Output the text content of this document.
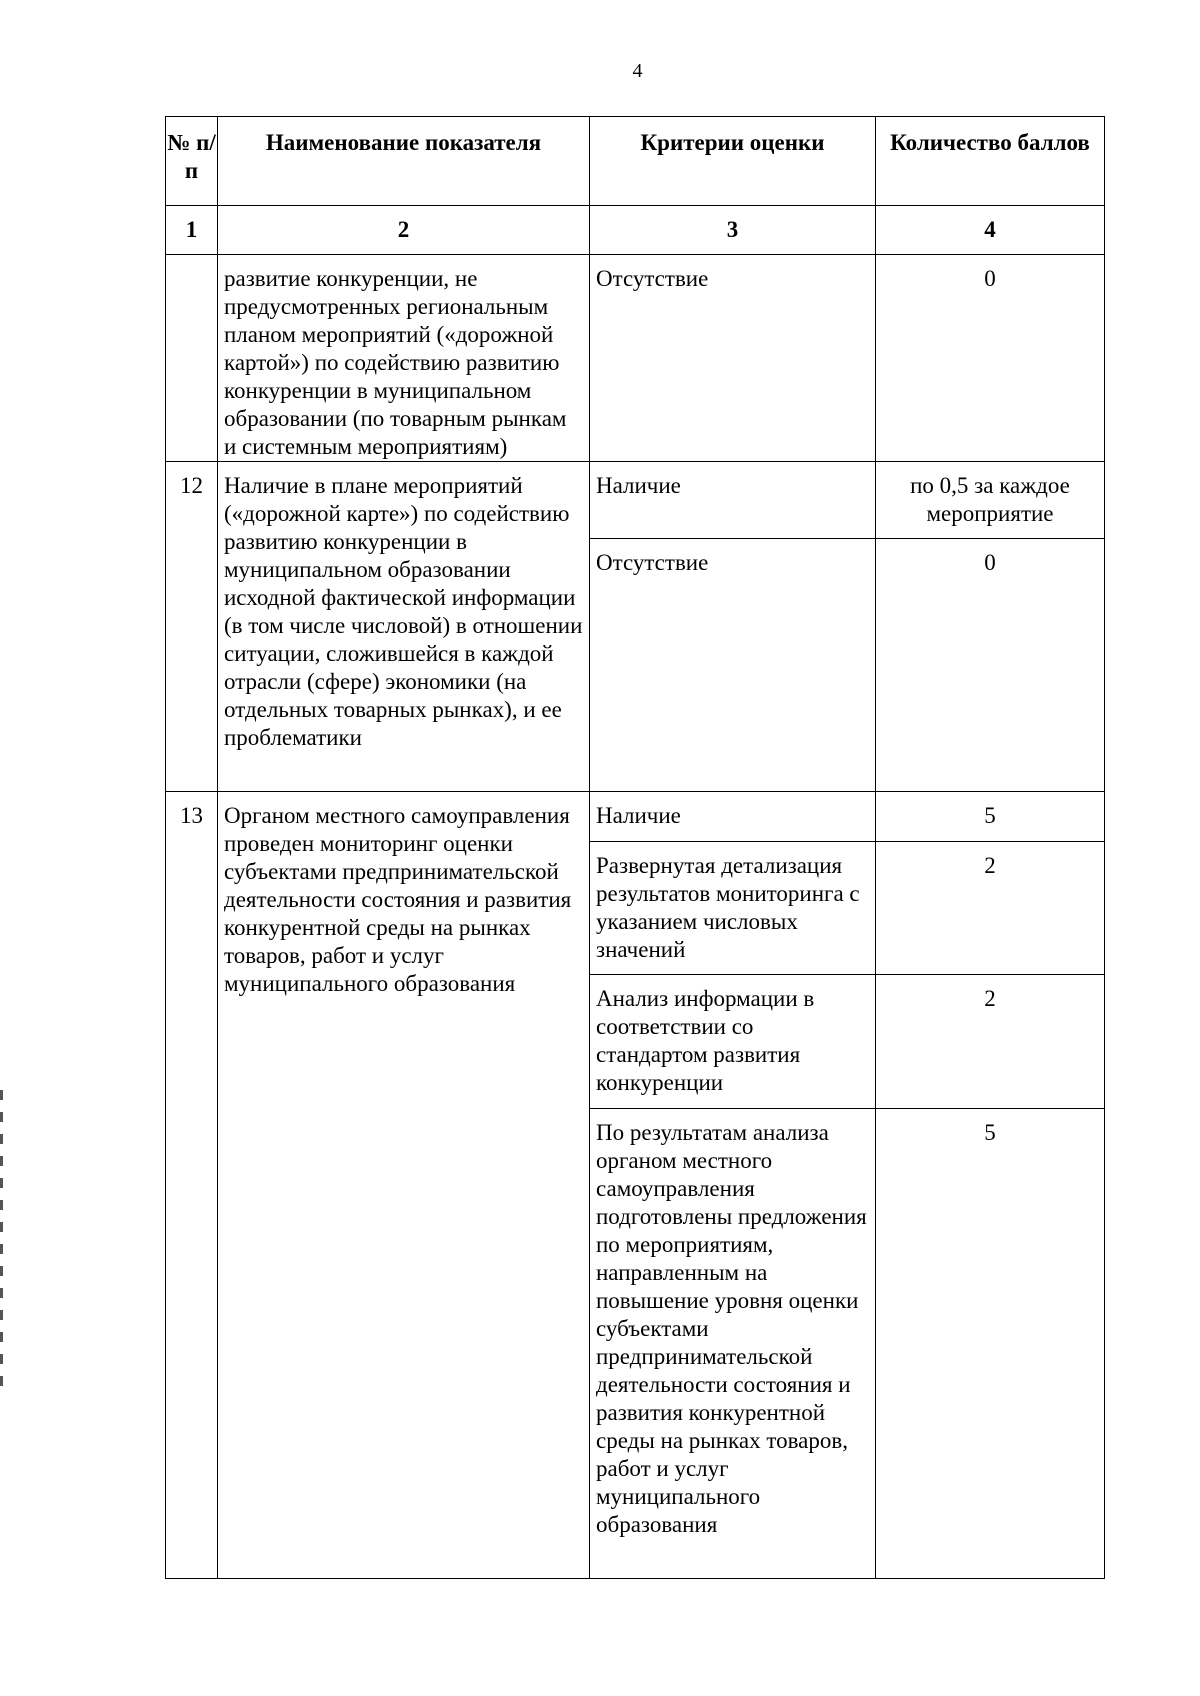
4
№ п/п	Наименование показателя	Критерии оценки	Количество баллов
1	2	3	4
	развитие конкуренции, не предусмотренных региональным планом мероприятий («дорожной картой») по содействию развитию конкуренции в муниципальном образовании (по товарным рынкам и системным мероприятиям)	Отсутствие	0
12	Наличие в плане мероприятий («дорожной карте») по содействию развитию конкуренции в муниципальном образовании исходной фактической информации (в том числе числовой) в отношении ситуации, сложившейся в каждой отрасли (сфере) экономики (на отдельных товарных рынках), и ее проблематики	Наличие	по 0,5 за каждое мероприятие
		Отсутствие	0
13	Органом местного самоуправления проведен мониторинг оценки субъектами предпринимательской деятельности состояния и развития конкурентной среды на рынках товаров, работ и услуг муниципального образования	Наличие	5
		Развернутая детализация результатов мониторинга с указанием числовых значений	2
		Анализ информации в соответствии со стандартом развития конкуренции	2
		По результатам анализа органом местного самоуправления подготовлены предложения по мероприятиям, направленным на повышение уровня оценки субъектами предпринимательской деятельности состояния и развития конкурентной среды на рынках товаров, работ и услуг муниципального образования	5
